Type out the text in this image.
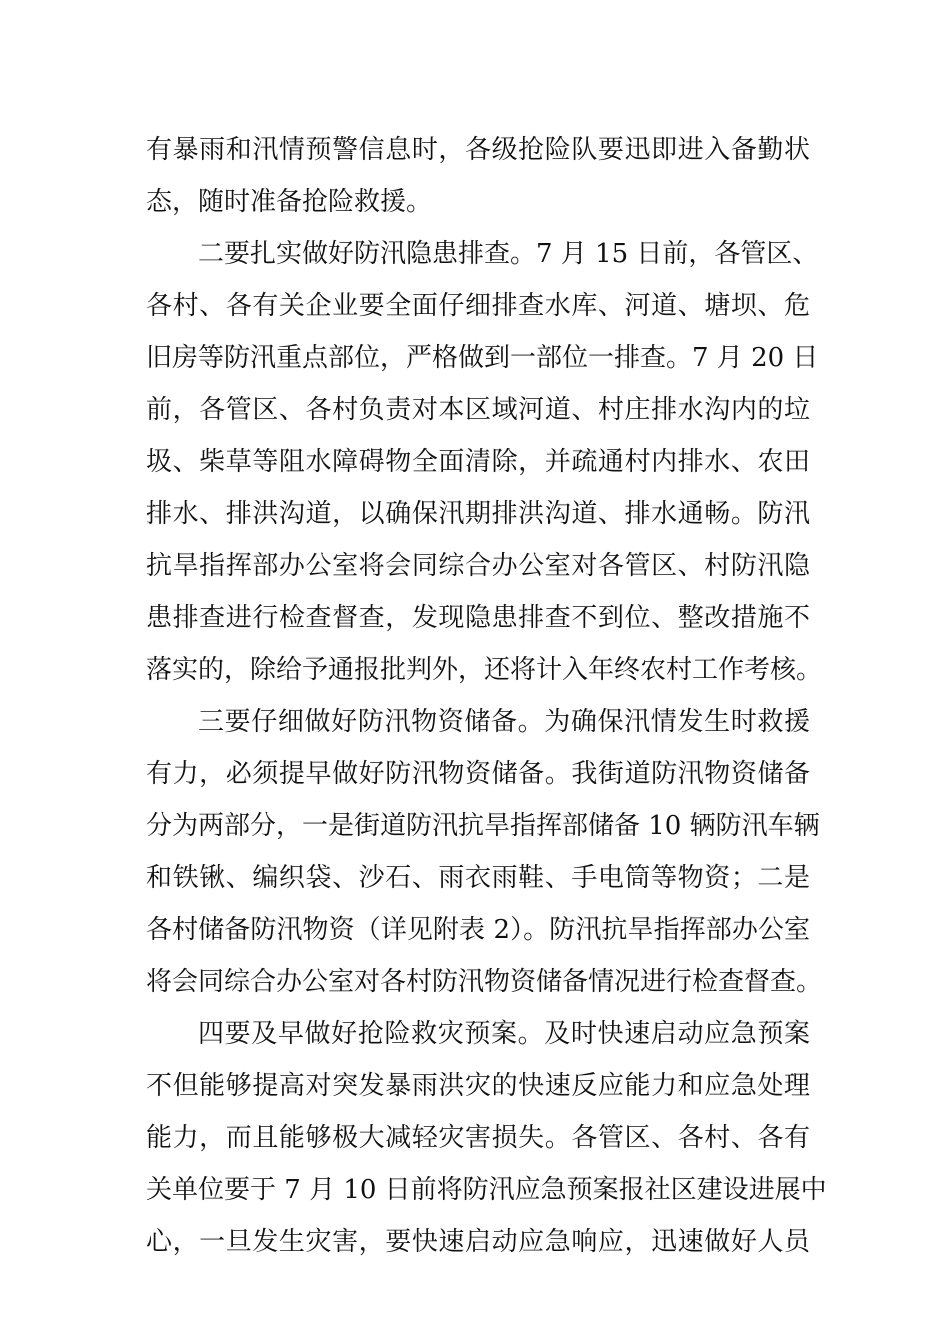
有暴雨和汛情预警信息时，各级抢险队要迅即进入备勤状
态，随时准备抢险救援。
二要扎实做好防汛隐患排查。7 月 15 日前，各管区、
各村、各有关企业要全面仔细排查水库、河道、塘坝、危
旧房等防汛重点部位，严格做到一部位一排查。7 月 20 日
前，各管区、各村负责对本区域河道、村庄排水沟内的垃
圾、柴草等阻水障碍物全面清除，并疏通村内排水、农田
排水、排洪沟道，以确保汛期排洪沟道、排水通畅。防汛
抗旱指挥部办公室将会同综合办公室对各管区、村防汛隐
患排查进行检查督查，发现隐患排查不到位、整改措施不
落实的，除给予通报批判外，还将计入年终农村工作考核。
三要仔细做好防汛物资储备。为确保汛情发生时救援
有力，必须提早做好防汛物资储备。我街道防汛物资储备
分为两部分，一是街道防汛抗旱指挥部储备 10 辆防汛车辆
和铁锹、编织袋、沙石、雨衣雨鞋、手电筒等物资；二是
各村储备防汛物资（详见附表 2）。防汛抗旱指挥部办公室
将会同综合办公室对各村防汛物资储备情况进行检查督查。
四要及早做好抢险救灾预案。及时快速启动应急预案
不但能够提高对突发暴雨洪灾的快速反应能力和应急处理
能力，而且能够极大减轻灾害损失。各管区、各村、各有
关单位要于 7 月 10 日前将防汛应急预案报社区建设进展中
心，一旦发生灾害，要快速启动应急响应，迅速做好人员
